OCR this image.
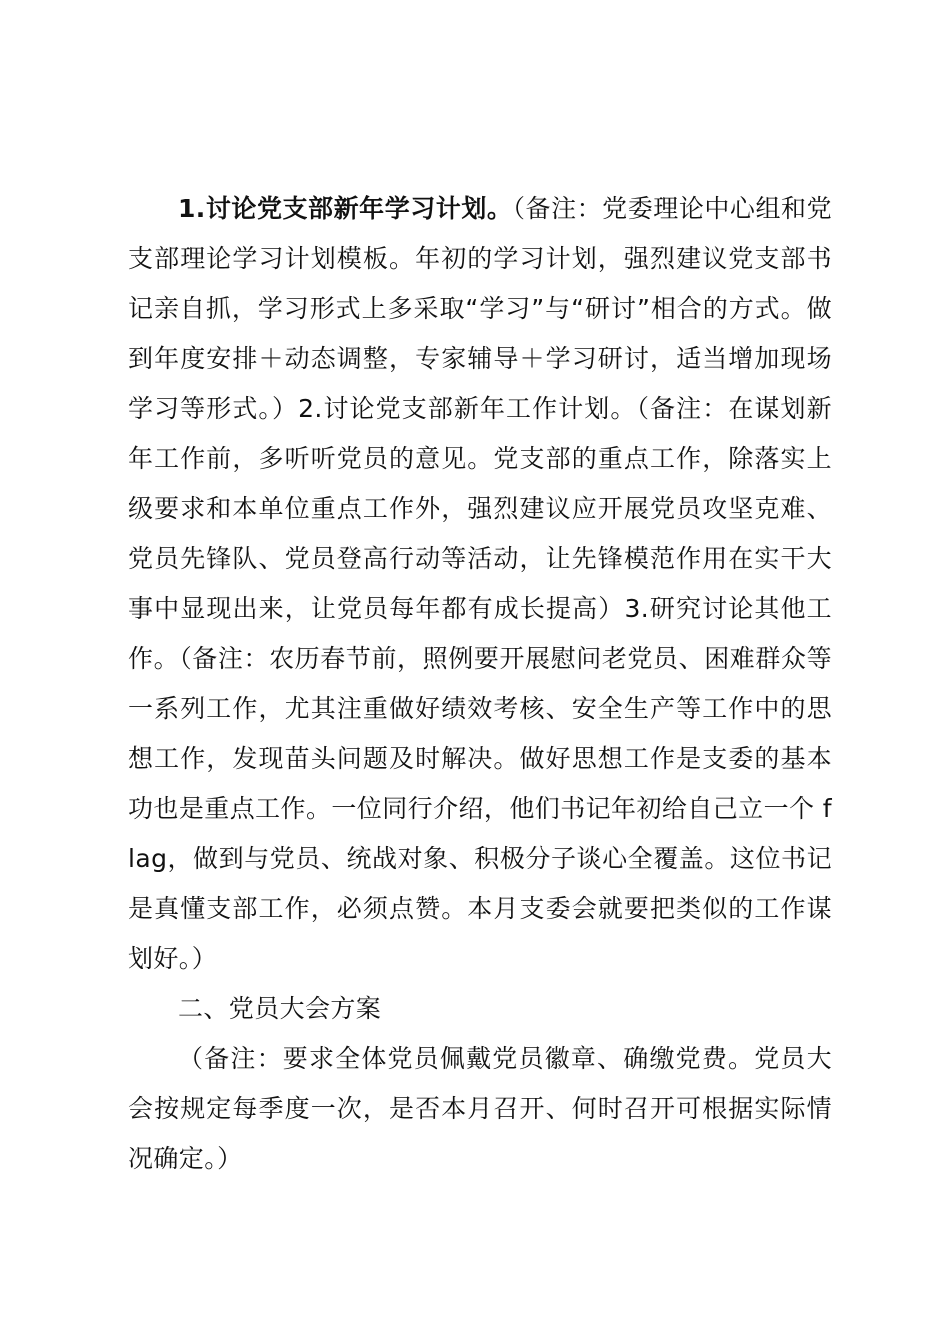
1.讨论党支部新年学习计划。（备注：党委理论中心组和党支部理论学习计划模板。年初的学习计划，强烈建议党支部书记亲自抓，学习形式上多采取“学习”与“研讨”相合的方式。做到年度安排＋动态调整，专家辅导＋学习研讨，适当增加现场学习等形式。）2.讨论党支部新年工作计划。（备注：在谋划新年工作前，多听听党员的意见。党支部的重点工作，除落实上级要求和本单位重点工作外，强烈建议应开展党员攻坚克难、党员先锋队、党员登高行动等活动，让先锋模范作用在实干大事中显现出来，让党员每年都有成长提高）3.研究讨论其他工作。（备注：农历春节前，照例要开展慰问老党员、困难群众等一系列工作，尤其注重做好绩效考核、安全生产等工作中的思想工作，发现苗头问题及时解决。做好思想工作是支委的基本功也是重点工作。一位同行介绍，他们书记年初给自己立一个 flag，做到与党员、统战对象、积极分子谈心全覆盖。这位书记是真懂支部工作，必须点赞。本月支委会就要把类似的工作谋划好。）

二、党员大会方案

（备注：要求全体党员佩戴党员徽章、确缴党费。党员大会按规定每季度一次，是否本月召开、何时召开可根据实际情况确定。）
